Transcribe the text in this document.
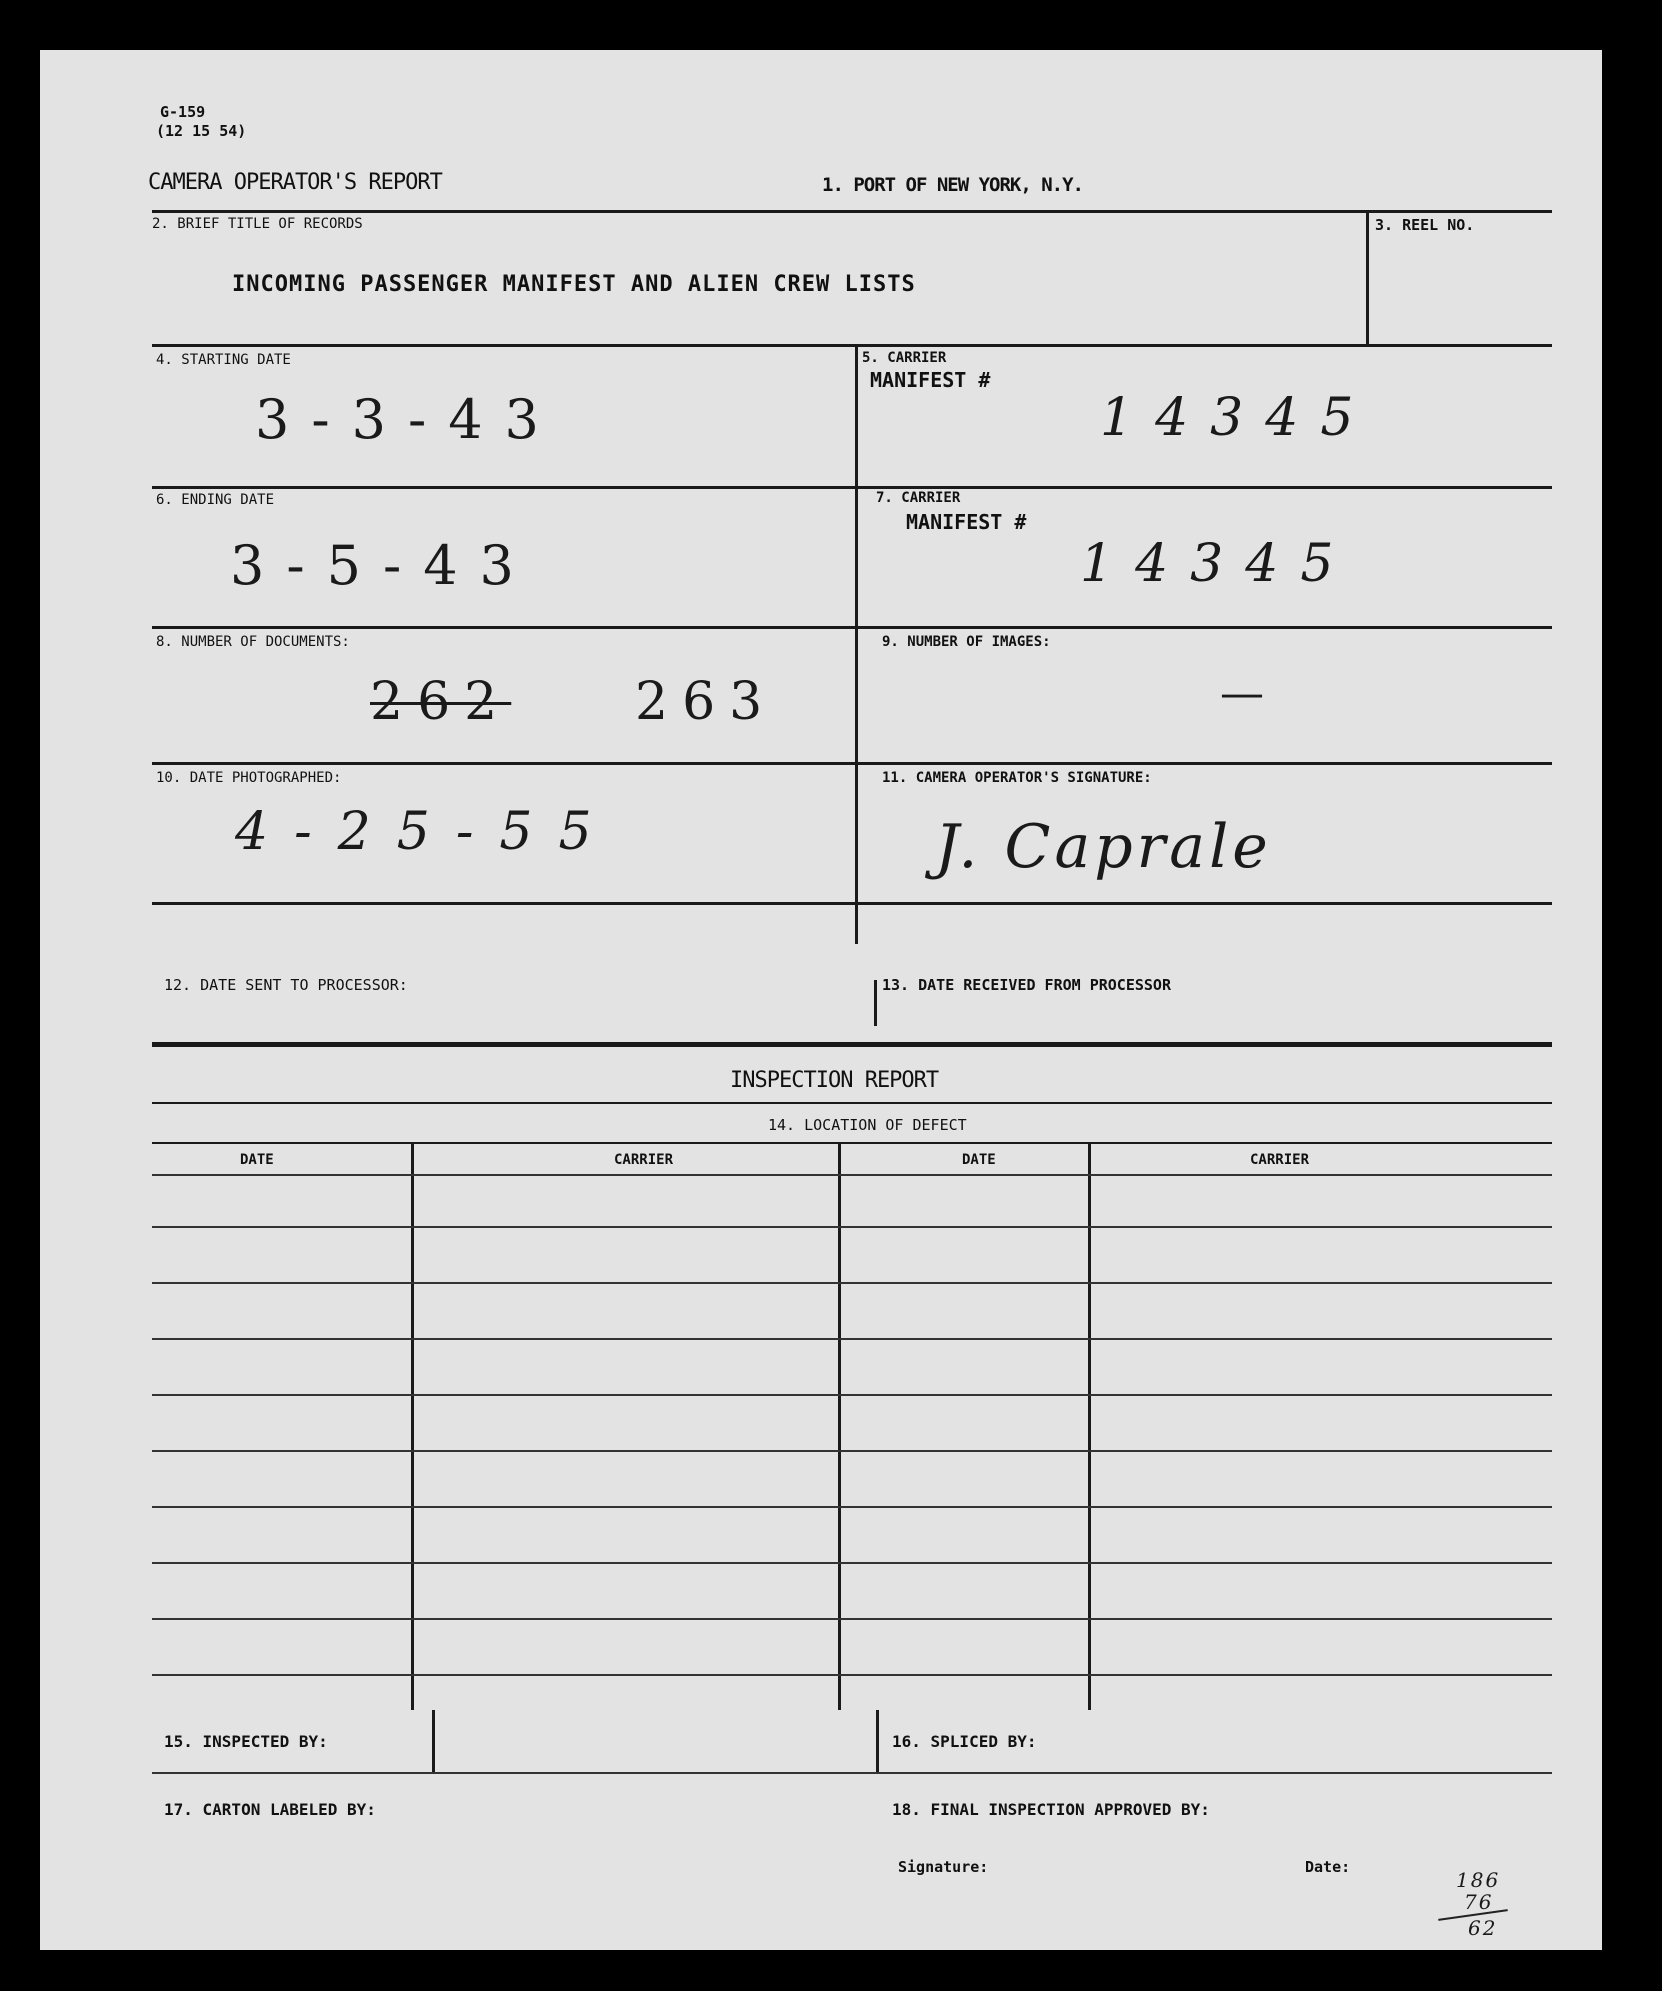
G-159
(12 15 54)
CAMERA OPERATOR'S REPORT	1. PORT OF NEW YORK, N.Y.
2. BRIEF TITLE OF RECORDS
INCOMING PASSENGER MANIFEST AND ALIEN CREW LISTS
3. REEL NO.
4. STARTING DATE
3-3-43
5. CARRIER
MANIFEST #
14345
6. ENDING DATE
3-5-43
7. CARRIER
MANIFEST #
14345
8. NUMBER OF DOCUMENTS:
262 263
9. NUMBER OF IMAGES:
—
10. DATE PHOTOGRAPHED:
4-25-55
11. CAMERA OPERATOR'S SIGNATURE:
J. Caprale
12. DATE SENT TO PROCESSOR:	13. DATE RECEIVED FROM PROCESSOR
INSPECTION REPORT
14. LOCATION OF DEFECT
DATE	CARRIER	DATE	CARRIER
15. INSPECTED BY:	16. SPLICED BY:
17. CARTON LABELED BY:	18. FINAL INSPECTION APPROVED BY:
Signature:	Date:
186
76
62
